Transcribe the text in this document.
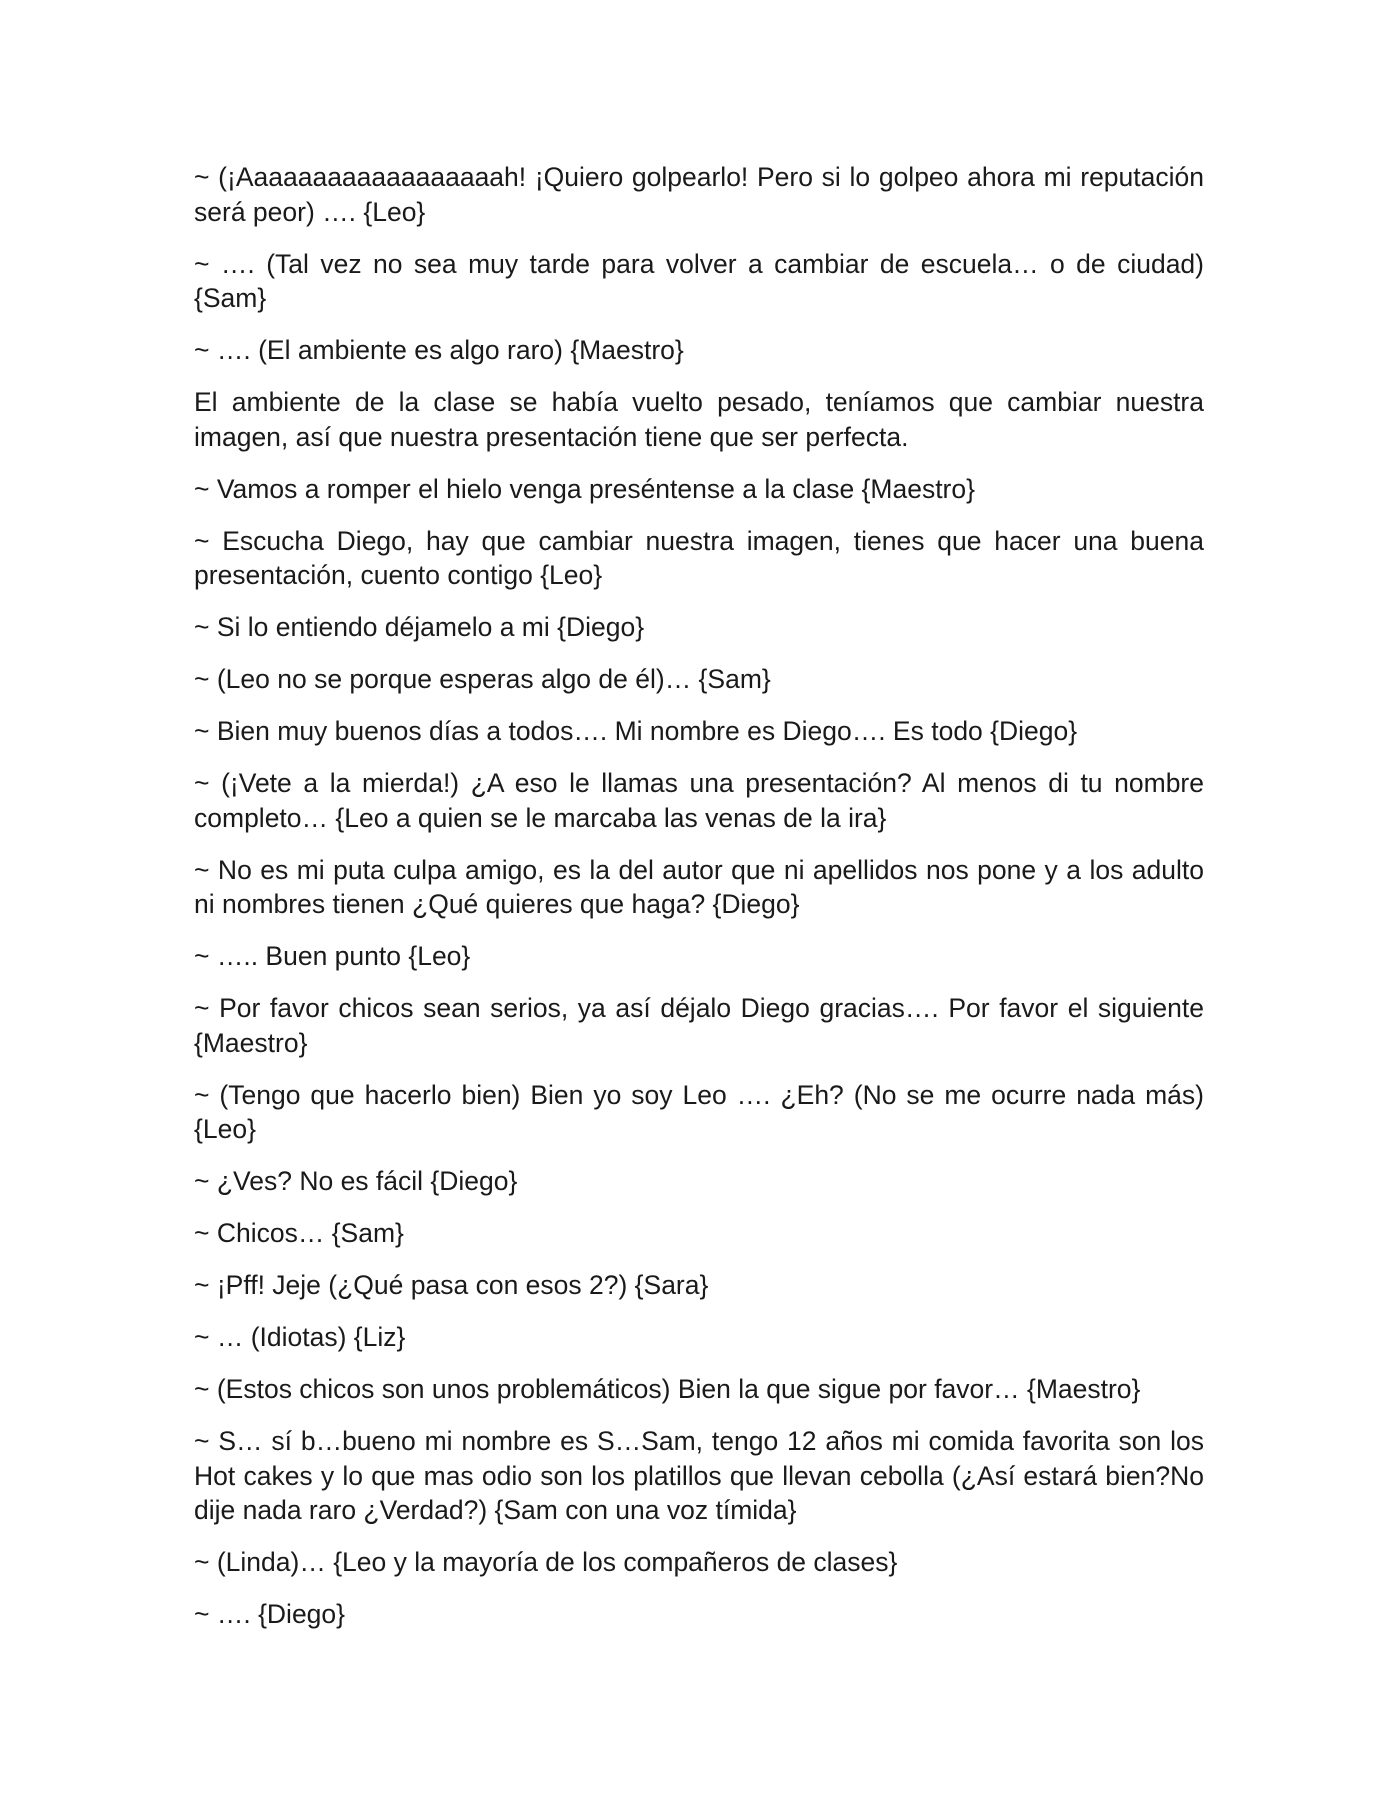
~ (¡Aaaaaaaaaaaaaaaaaah! ¡Quiero golpearlo! Pero si lo golpeo ahora mi reputación será peor) …. {Leo}

~ …. (Tal vez no sea muy tarde para volver a cambiar de escuela… o de ciudad) {Sam}

~ …. (El ambiente es algo raro) {Maestro}

El ambiente de la clase se había vuelto pesado, teníamos que cambiar nuestra imagen, así que nuestra presentación tiene que ser perfecta.

~ Vamos a romper el hielo venga preséntense a la clase {Maestro}

~ Escucha Diego, hay que cambiar nuestra imagen, tienes que hacer una buena presentación, cuento contigo {Leo}

~ Si lo entiendo déjamelo a mi {Diego}

~ (Leo no se porque esperas algo de él)… {Sam}

~ Bien muy buenos días a todos…. Mi nombre es Diego…. Es todo {Diego}

~ (¡Vete a la mierda!) ¿A eso le llamas una presentación? Al menos di tu nombre completo… {Leo a quien se le marcaba las venas de la ira}

~ No es mi puta culpa amigo, es la del autor que ni apellidos nos pone y a los adulto ni nombres tienen ¿Qué quieres que haga? {Diego}

~ ….. Buen punto {Leo}

~ Por favor chicos sean serios, ya así déjalo Diego gracias…. Por favor el siguiente {Maestro}

~ (Tengo que hacerlo bien) Bien yo soy Leo …. ¿Eh? (No se me ocurre nada más) {Leo}

~ ¿Ves? No es fácil {Diego}

~ Chicos… {Sam}

~ ¡Pff! Jeje (¿Qué pasa con esos 2?) {Sara}

~ … (Idiotas) {Liz}

~ (Estos chicos son unos problemáticos) Bien la que sigue por favor… {Maestro}

~ S… sí b…bueno mi nombre es S…Sam, tengo 12 años mi comida favorita son los Hot cakes y lo que mas odio son los platillos que llevan cebolla (¿Así estará bien?No dije nada raro ¿Verdad?) {Sam con una voz tímida}

~ (Linda)… {Leo y la mayoría de los compañeros de clases}

~ …. {Diego}
